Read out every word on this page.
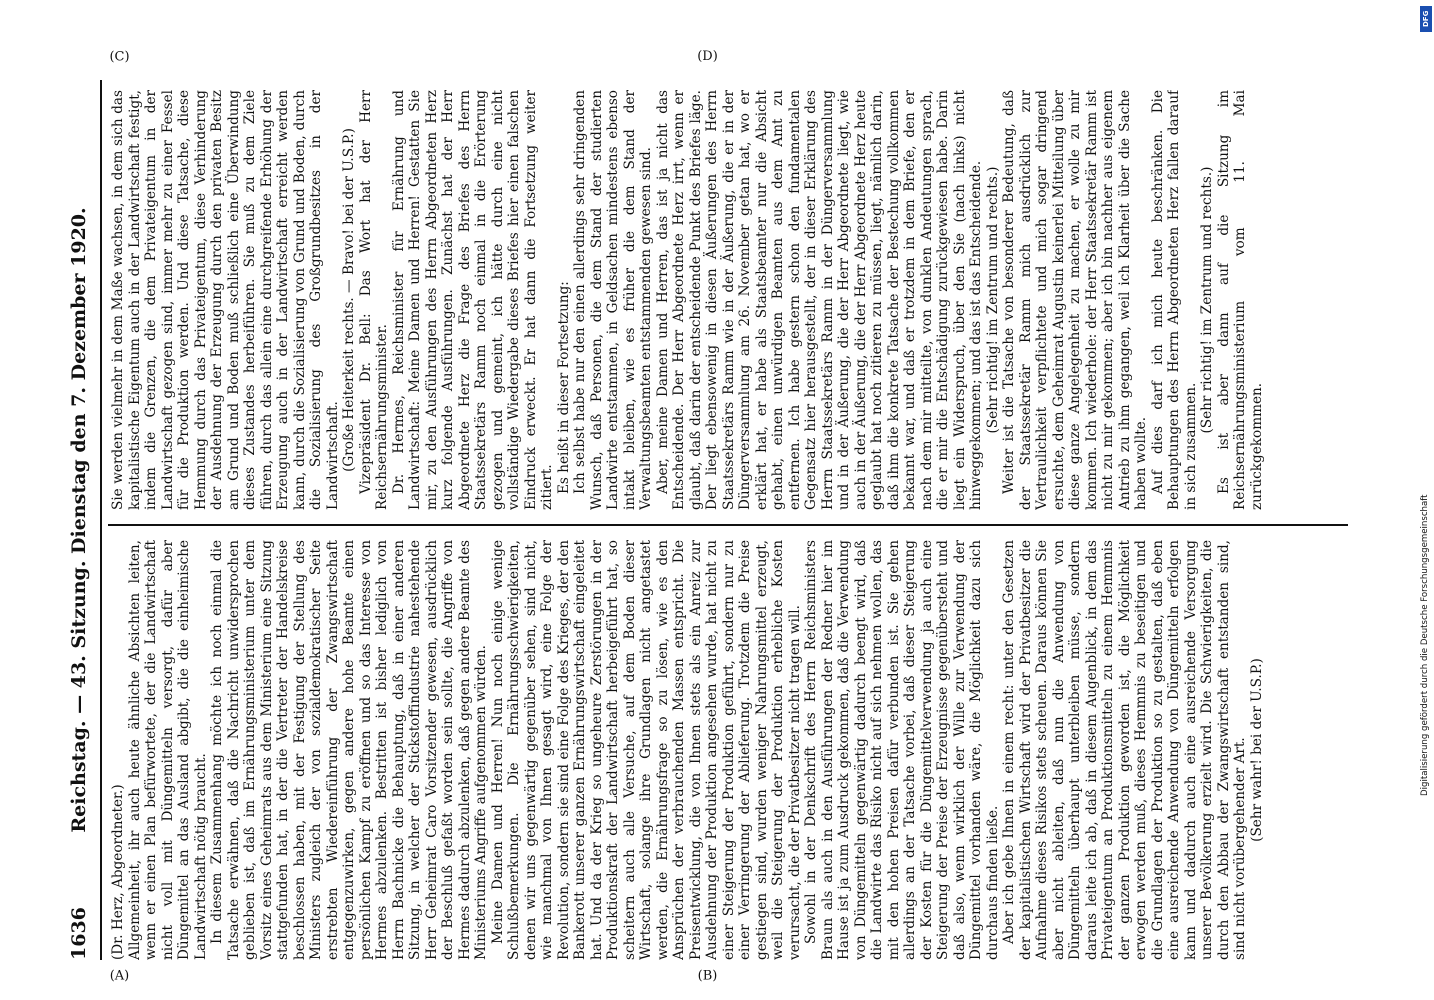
1636
Reichstag. — 43. Sitzung. Dienstag den 7. Dezember 1920.
(A)	(B)
(C)	(D)

(Dr. Herz, Abgeordneter.) Allgemeinheit, ihr auch heute ähnliche Absichten leiten, wenn er einen Plan befürwortete, der die Landwirtschaft nicht voll mit Düngemitteln versorgt, dafür aber Düngemittel an das Ausland abgibt, die die einheimische Landwirtschaft nötig braucht. In diesem Zusammenhang möchte ich noch einmal die Tatsache erwähnen, daß die Nachricht unwidersprochen geblieben ist, daß im Ernährungsministerium unter dem Vorsitz eines Geheimrats aus dem Ministerium eine Sitzung stattgefunden hat, in der die Vertreter der Handelskreise beschlossen haben, mit der Festigung der Stellung des Ministers zugleich der von sozialdemokratischer Seite erstrebten Wiedereinführung der Zwangswirtschaft entgegenzuwirken, gegen andere hohe Beamte einen persönlichen Kampf zu eröffnen und so das Interesse von Hermes abzulenken. Bestritten ist bisher lediglich von Herrn Bachnicke die Behauptung, daß in einer anderen Sitzung, in welcher der Stickstoffindustrie nahestehende Herr Geheimrat Caro Vorsitzender gewesen, ausdrücklich der Beschluß gefaßt worden sein sollte, die Angriffe von Hermes dadurch abzulenken, daß gegen andere Beamte des Ministeriums Angriffe aufgenommen würden. Meine Damen und Herren! Nun noch einige wenige Schlußbemerkungen. Die Ernährungsschwierigkeiten, denen wir uns gegenwärtig gegenüber sehen, sind nicht, wie manchmal von Ihnen gesagt wird, eine Folge der Revolution, sondern sie sind eine Folge des Krieges, der den Bankerott unserer ganzen Ernährungswirtschaft eingeleitet hat. Und da der Krieg so ungeheure Zerstörungen in der Produktionskraft der Landwirtschaft herbeigeführt hat, so scheitern auch alle Versuche, auf dem Boden dieser Wirtschaft, solange ihre Grundlagen nicht angetastet werden, die Ernährungsfrage so zu lösen, wie es den Ansprüchen der verbrauchenden Massen entspricht. Die Preisentwicklung, die von Ihnen stets als ein Anreiz zur Ausdehnung der Produktion angesehen wurde, hat nicht zu einer Steigerung der Produktion geführt, sondern nur zu einer Verringerung der Ablieferung. Trotzdem die Preise gestiegen sind, wurden weniger Nahrungsmittel erzeugt, weil die Steigerung der Produktion erhebliche Kosten verursacht, die der Privatbesitzer nicht tragen will. Sowohl in der Denkschrift des Herrn Reichsministers Braun als auch in den Ausführungen der Redner hier im Hause ist ja zum Ausdruck gekommen, daß die Verwendung von Düngemitteln gegenwärtig dadurch beengt wird, daß die Landwirte das Risiko nicht auf sich nehmen wollen, das mit den hohen Preisen dafür verbunden ist. Sie gehen allerdings an der Tatsache vorbei, daß dieser Steigerung der Kosten für die Düngemittelverwendung ja auch eine Steigerung der Preise der Erzeugnisse gegenübersteht und daß also, wenn wirklich der Wille zur Verwendung der Düngemittel vorhanden wäre, die Möglichkeit dazu sich durchaus finden ließe. Aber ich gebe Ihnen in einem recht: unter den Gesetzen der kapitalistischen Wirtschaft wird der Privatbesitzer die Aufnahme dieses Risikos stets scheuen. Daraus können Sie aber nicht ableiten, daß nun die Anwendung von Düngemitteln überhaupt unterbleiben müsse, sondern daraus leite ich ab, daß in diesem Augenblick, in dem das Privateigentum an Produktionsmitteln zu einem Hemmnis der ganzen Produktion geworden ist, die Möglichkeit erwogen werden muß, dieses Hemmnis zu beseitigen und die Grundlagen der Produktion so zu gestalten, daß eben eine ausreichende Anwendung von Düngemitteln erfolgen kann und dadurch auch eine ausreichende Versorgung unserer Bevölkerung erzielt wird. Die Schwierigkeiten, die durch den Abbau der Zwangswirtschaft entstanden sind, sind nicht vorübergehender Art. (Sehr wahr! bei der U.S.P.)

Sie werden vielmehr in dem Maße wachsen, in dem sich das kapitalistische Eigentum auch in der Landwirtschaft festigt, indem die Grenzen, die dem Privateigentum in der Landwirtschaft gezogen sind, immer mehr zu einer Fessel für die Produktion werden. Und diese Tatsache, diese Hemmung durch das Privateigentum, diese Verhinderung der Ausdehnung der Erzeugung durch den privaten Besitz am Grund und Boden muß schließlich eine Überwindung dieses Zustandes herbeiführen. Sie muß zu dem Ziele führen, durch das allein eine durchgreifende Erhöhung der Erzeugung auch in der Landwirtschaft erreicht werden kann, durch die Sozialisierung von Grund und Boden, durch die Sozialisierung des Großgrundbesitzes in der Landwirtschaft. (Große Heiterkeit rechts. — Bravo! bei der U.S.P.) Vizepräsident Dr. Bell: Das Wort hat der Herr Reichsernährungsminister. Dr. Hermes, Reichsminister für Ernährung und Landwirtschaft: Meine Damen und Herren! Gestatten Sie mir, zu den Ausführungen des Herrn Abgeordneten Herz kurz folgende Ausführungen. Zunächst hat der Herr Abgeordnete Herz die Frage des Briefes des Herrn Staatssekretärs Ramm noch einmal in die Erörterung gezogen und gemeint, ich hätte durch eine nicht vollständige Wiedergabe dieses Briefes hier einen falschen Eindruck erweckt. Er hat dann die Fortsetzung weiter zitiert. Es heißt in dieser Fortsetzung: Ich selbst habe nur den einen allerdings sehr dringenden Wunsch, daß Personen, die dem Stand der studierten Landwirte entstammen, in Geldsachen mindestens ebenso intakt bleiben, wie es früher die dem Stand der Verwaltungsbeamten entstammenden gewesen sind. Aber, meine Damen und Herren, das ist ja nicht das Entscheidende. Der Herr Abgeordnete Herz irrt, wenn er glaubt, daß darin der entscheidende Punkt des Briefes läge. Der liegt ebensowenig in diesen Äußerungen des Herrn Staatssekretärs Ramm wie in der Äußerung, die er in der Düngerversammlung am 26. November getan hat, wo er erklärt hat, er habe als Staatsbeamter nur die Absicht gehabt, einen unwürdigen Beamten aus dem Amt zu entfernen. Ich habe gestern schon den fundamentalen Gegensatz hier herausgestellt, der in dieser Erklärung des Herrn Staatssekretärs Ramm in der Düngerversammlung und in der Äußerung, die der Herr Abgeordnete liegt, wie auch in der Äußerung, die der Herr Abgeordnete Herz heute geglaubt hat noch zitieren zu müssen, liegt, nämlich darin, daß ihm die konkrete Tatsache der Bestechung vollkommen bekannt war, und daß er trotzdem in dem Briefe, den er nach dem mir mitteilte, von dunklen Andeutungen sprach, die er mir die Entschädigung zurückgewiesen habe. Darin liegt ein Widerspruch, über den Sie (nach links) nicht hinweggekommen; und das ist das Entscheidende. (Sehr richtig! im Zentrum und rechts.) Weiter ist die Tatsache von besonderer Bedeutung, daß der Staatssekretär Ramm mich ausdrücklich zur Vertraulichkeit verpflichtete und mich sogar dringend ersuchte, dem Geheimrat Augustin keinerlei Mitteilung über diese ganze Angelegenheit zu machen, er wolle zu mir kommen. Ich wiederhole: der Herr Staatssekretär Ramm ist nicht zu mir gekommen; aber ich bin nachher aus eigenem Antrieb zu ihm gegangen, weil ich Klarheit über die Sache haben wollte. Auf dies darf ich mich heute beschränken. Die Behauptungen des Herrn Abgeordneten Herz fallen darauf in sich zusammen.

(Sehr richtig! im Zentrum und rechts.) Es ist aber dann auf die Sitzung im Reichsernährungsministerium vom 11. Mai zurückgekommen.

DFG
Digitalisierung gefördert durch die Deutsche Forschungsgemeinschaft
